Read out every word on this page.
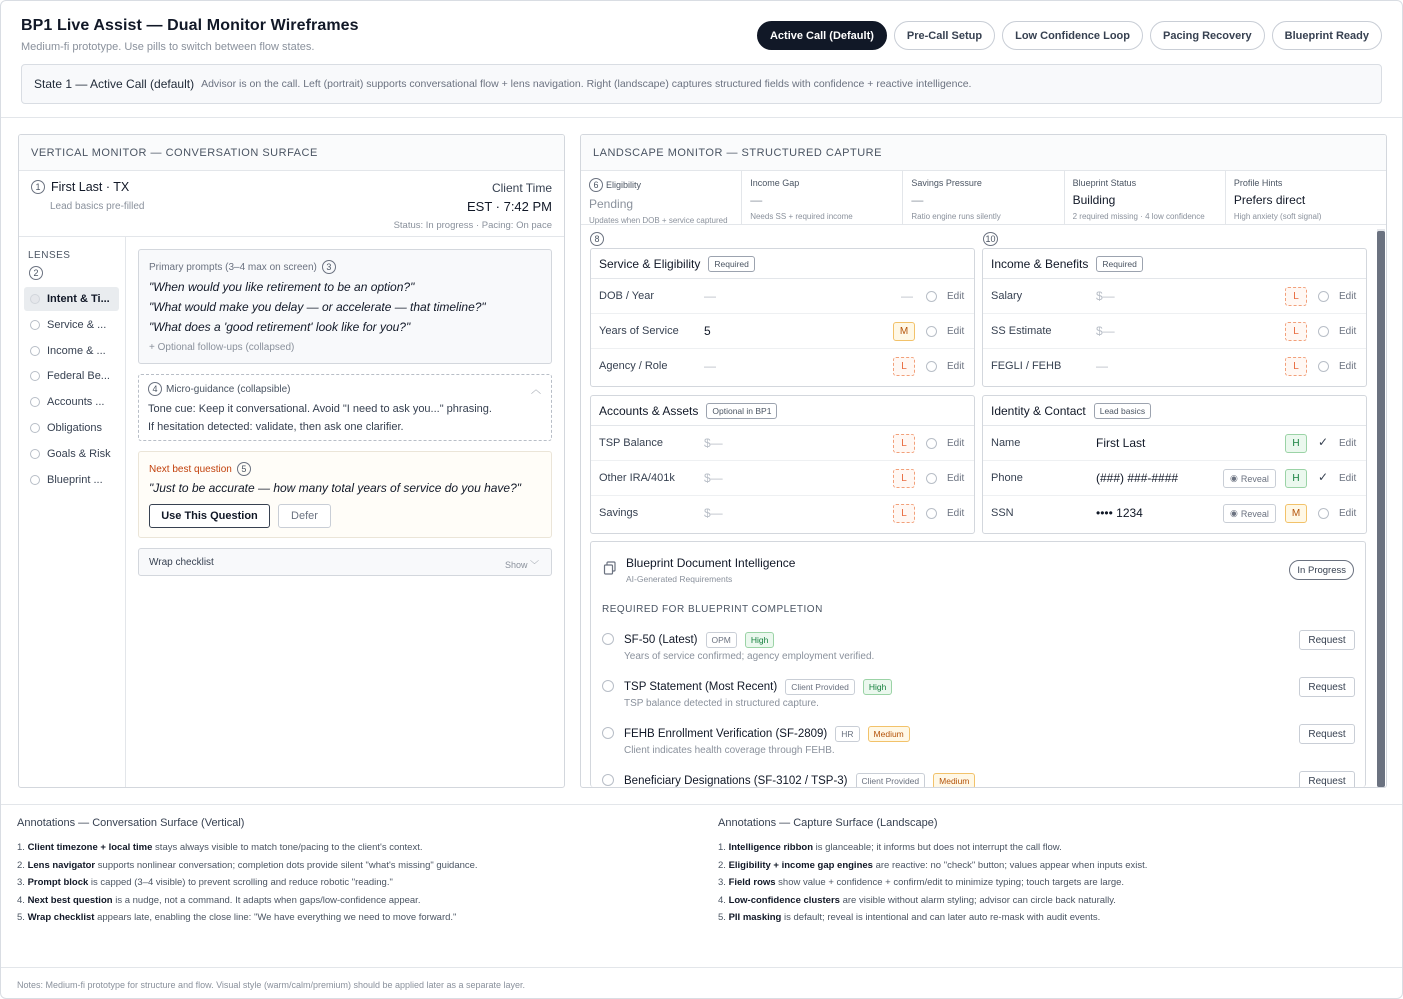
BP1 Live Assist — Dual Monitor Wireframes
Medium-fi prototype. Use pills to switch between flow states.
Active Call (Default)	Pre-Call Setup	Low Confidence Loop	Pacing Recovery	Blueprint Ready
State 1 — Active Call (default) Advisor is on the call. Left (portrait) supports conversational flow + lens navigation. Right (landscape) captures structured fields with confidence + reactive intelligence.
VERTICAL MONITOR — CONVERSATION SURFACE
1 First Last · TX
Lead basics pre-filled
Client Time
EST · 7:42 PM
Status: In progress · Pacing: On pace
LENSES
2
Intent & Ti...
Service & ...
Income & ...
Federal Be...
Accounts ...
Obligations
Goals & Risk
Blueprint ...
Primary prompts (3–4 max on screen)	3
"When would you like retirement to be an option?"
"What would make you delay — or accelerate — that timeline?"
"What does a 'good retirement' look like for you?"
+ Optional follow-ups (collapsed)
4 Micro-guidance (collapsible)	︿
Tone cue: Keep it conversational. Avoid "I need to ask you..." phrasing.
If hesitation detected: validate, then ask one clarifier.
Next best question	5
"Just to be accurate — how many total years of service do you have?"
Use This Question	Defer
Wrap checklist	Show ﹀
LANDSCAPE MONITOR — STRUCTURED CAPTURE
6 Eligibility
Pending
Updates when DOB + service captured
Income Gap
—
Needs SS + required income
Savings Pressure
—
Ratio engine runs silently
Blueprint Status
Building
2 required missing · 4 low confidence
Profile Hints
Prefers direct
High anxiety (soft signal)
8	10
Service & Eligibility	Required
DOB / Year	—	—	Edit
Years of Service 5	M	Edit
Agency / Role	—	L	Edit
Income & Benefits	Required
Salary	$—	L	Edit
SS Estimate	$—	L	Edit
FEGLI / FEHB	—	L	Edit
Accounts & Assets	Optional in BP1
TSP Balance	$—	L	Edit
Other IRA/401k $—	L	Edit
Savings	$—	L	Edit
Identity & Contact	Lead basics
Name	First Last	H	✓ Edit
Phone	(###) ###-####	◉ Reveal	H	✓ Edit
SSN	•••• 1234	◉ Reveal	M	Edit
Blueprint Document Intelligence
AI-Generated Requirements
In Progress
REQUIRED FOR BLUEPRINT COMPLETION
SF-50 (Latest)	OPM	High
Years of service confirmed; agency employment verified.
Request
TSP Statement (Most Recent)	Client Provided	High
TSP balance detected in structured capture.
Request
FEHB Enrollment Verification (SF-2809)	HR	Medium
Client indicates health coverage through FEHB.
Request
Beneficiary Designations (SF-3102 / TSP-3)	Client Provided	Medium	Request
Annotations — Conversation Surface (Vertical)
1. Client timezone + local time stays always visible to match tone/pacing to the client's context.
2. Lens navigator supports nonlinear conversation; completion dots provide silent "what's missing" guidance.
3. Prompt block is capped (3–4 visible) to prevent scrolling and reduce robotic "reading."
4. Next best question is a nudge, not a command. It adapts when gaps/low-confidence appear.
5. Wrap checklist appears late, enabling the close line: "We have everything we need to move forward."
Annotations — Capture Surface (Landscape)
1. Intelligence ribbon is glanceable; it informs but does not interrupt the call flow.
2. Eligibility + income gap engines are reactive: no "check" button; values appear when inputs exist.
3. Field rows show value + confidence + confirm/edit to minimize typing; touch targets are large.
4. Low-confidence clusters are visible without alarm styling; advisor can circle back naturally.
5. PII masking is default; reveal is intentional and can later auto re-mask with audit events.
Notes: Medium-fi prototype for structure and flow. Visual style (warm/calm/premium) should be applied later as a separate layer.
